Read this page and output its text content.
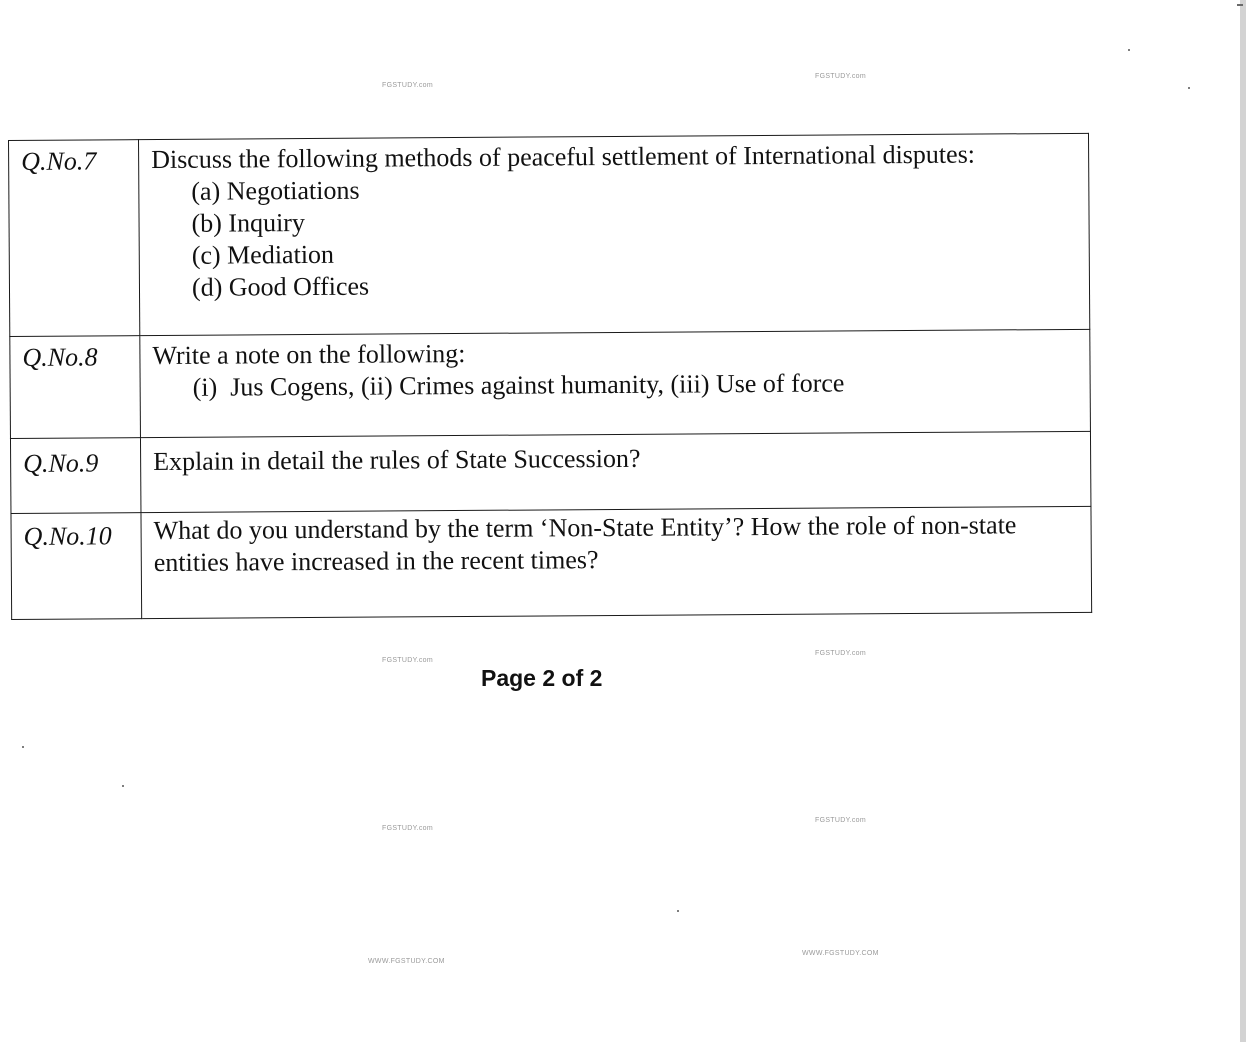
FGSTUDY.com
FGSTUDY.com
FGSTUDY.com
FGSTUDY.com
FGSTUDY.com
FGSTUDY.com
WWW.FGSTUDY.COM
WWW.FGSTUDY.COM
Q.No.7	Discuss the following methods of peaceful settlement of International disputes:
(a) Negotiations
(b) Inquiry
(c) Mediation
(d) Good Offices

Q.No.8	Write a note on the following:
(i)  Jus Cogens, (ii) Crimes against humanity, (iii) Use of force

Q.No.9	Explain in detail the rules of State Succession?

Q.No.10	What do you understand by the term ‘Non-State Entity’? How the role of non-state entities have increased in the recent times?
Page 2 of 2
